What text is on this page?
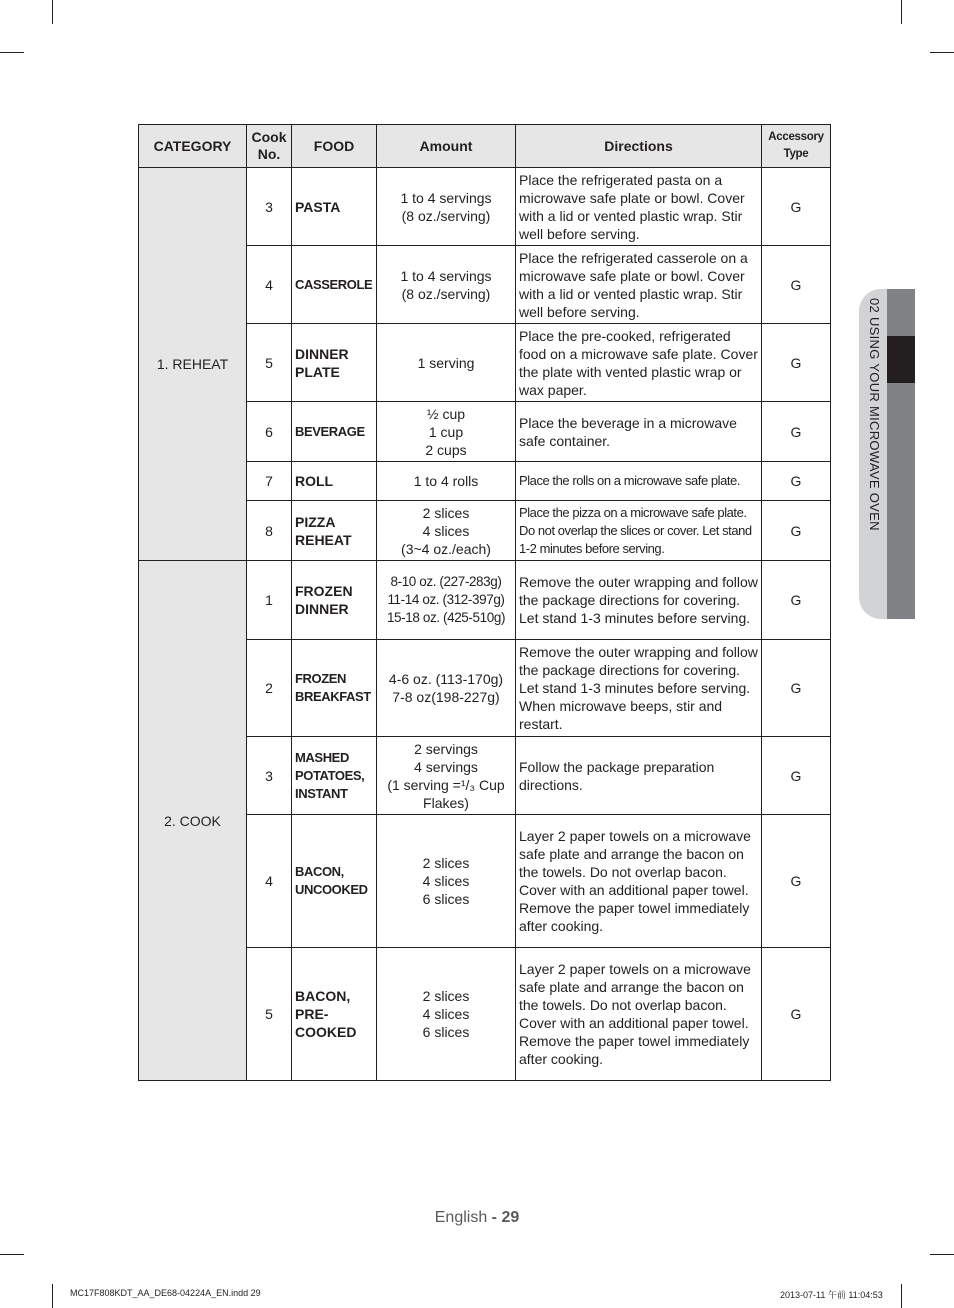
02 USING YOUR MICROWAVE OVEN
CATEGORY	Cook No.	FOOD	Amount	Directions	Accessory Type
1. REHEAT	3	PASTA	1 to 4 servings
(8 oz./serving)	Place the refrigerated pasta on a microwave safe plate or bowl. Cover with a lid or vented plastic wrap. Stir well before serving.	G
	4	CASSEROLE	1 to 4 servings
(8 oz./serving)	Place the refrigerated casserole on a microwave safe plate or bowl. Cover with a lid or vented plastic wrap. Stir well before serving.	G
	5	DINNER PLATE	1 serving	Place the pre-cooked, refrigerated food on a microwave safe plate. Cover the plate with vented plastic wrap or wax paper.	G
	6	BEVERAGE	½ cup
1 cup
2 cups	Place the beverage in a microwave safe container.	G
	7	ROLL	1 to 4 rolls	Place the rolls on a microwave safe plate.	G
	8	PIZZA REHEAT	2 slices
4 slices
(3~4 oz./each)	Place the pizza on a microwave safe plate. Do not overlap the slices or cover. Let stand 1-2 minutes before serving.	G
2. COOK	1	FROZEN DINNER	8-10 oz. (227-283g)
11-14 oz. (312-397g)
15-18 oz. (425-510g)	Remove the outer wrapping and follow the package directions for covering. Let stand 1-3 minutes before serving.	G
	2	FROZEN BREAKFAST	4-6 oz. (113-170g)
7-8 oz(198-227g)	Remove the outer wrapping and follow the package directions for covering. Let stand 1-3 minutes before serving. When microwave beeps, stir and restart.	G
	3	MASHED POTATOES, INSTANT	2 servings
4 servings
(1 serving =¹/₃ Cup
Flakes)	Follow the package preparation directions.	G
	4	BACON, UNCOOKED	2 slices
4 slices
6 slices	Layer 2 paper towels on a microwave safe plate and arrange the bacon on the towels. Do not overlap bacon. Cover with an additional paper towel. Remove the paper towel immediately after cooking.	G
	5	BACON, PRE-COOKED	2 slices
4 slices
6 slices	Layer 2 paper towels on a microwave safe plate and arrange the bacon on the towels. Do not overlap bacon. Cover with an additional paper towel. Remove the paper towel immediately after cooking.	G
English - 29
MC17F808KDT_AA_DE68-04224A_EN.indd 29	2013-07-11 午前 11:04:53
